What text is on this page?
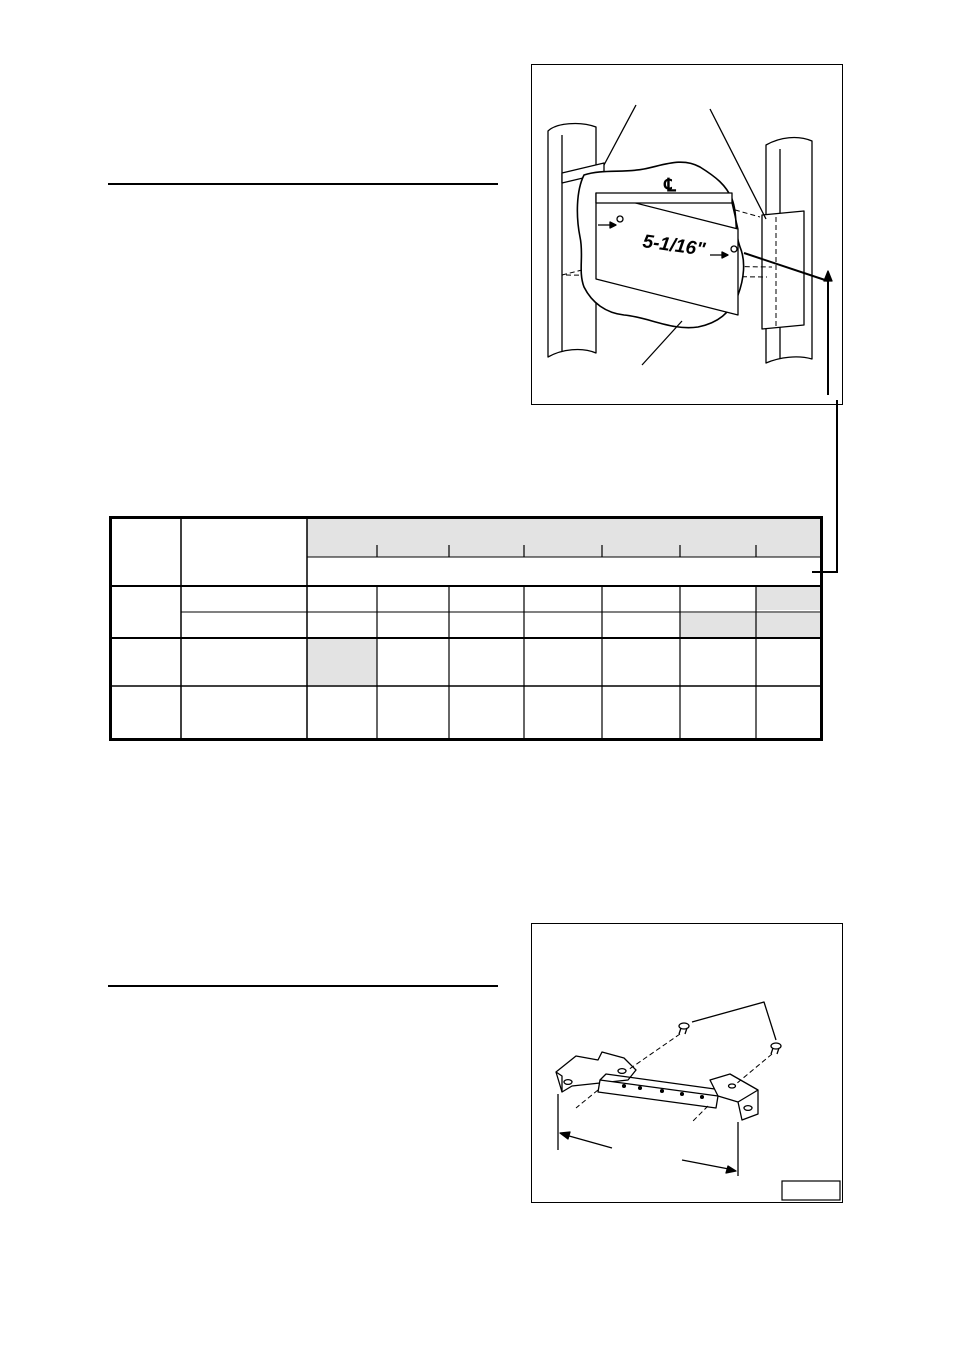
℄
5-1/16"
